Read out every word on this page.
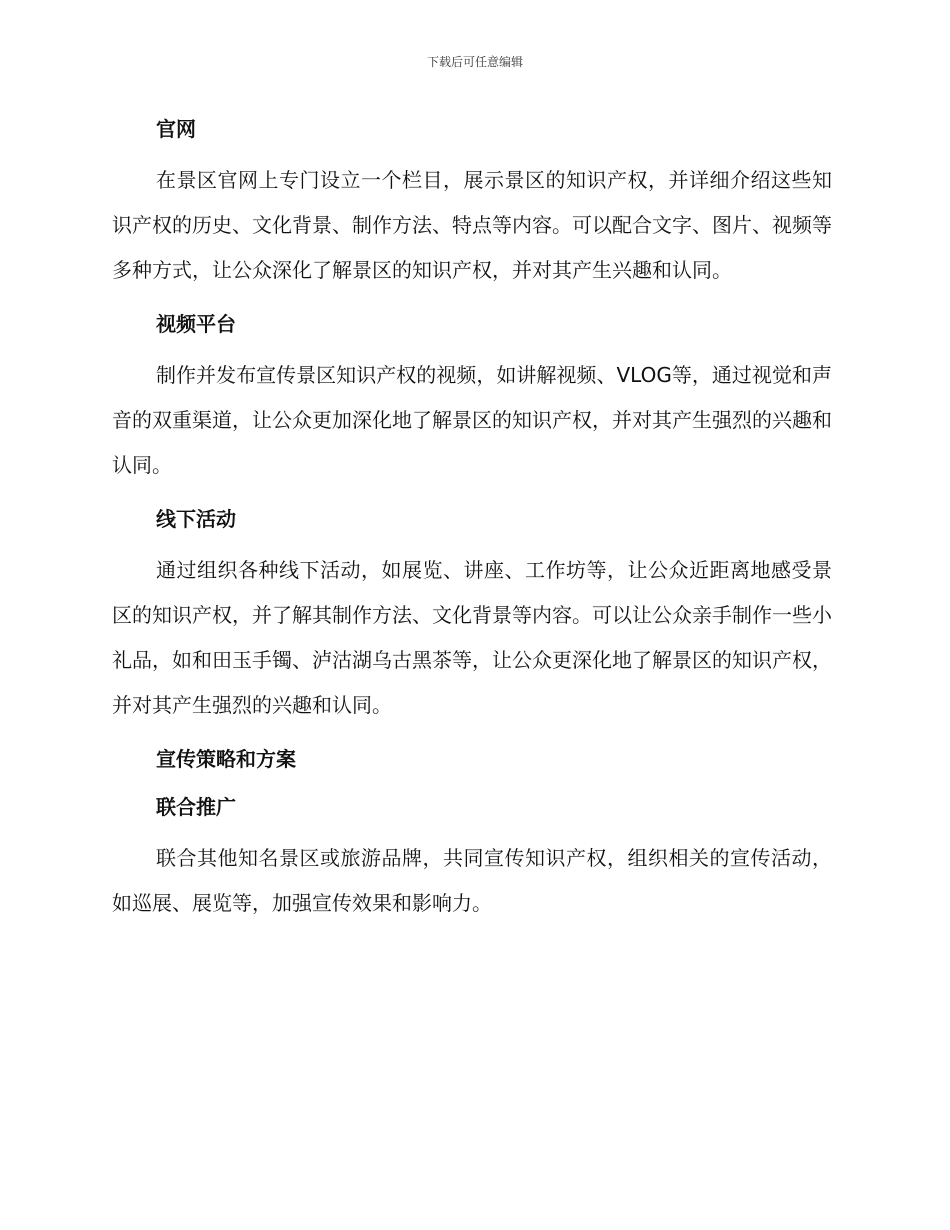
下载后可任意编辑
官网

在景区官网上专门设立一个栏目，展示景区的知识产权，并详细介绍这些知识产权的历史、文化背景、制作方法、特点等内容。可以配合文字、图片、视频等多种方式，让公众深化了解景区的知识产权，并对其产生兴趣和认同。

视频平台

制作并发布宣传景区知识产权的视频，如讲解视频、VLOG等，通过视觉和声音的双重渠道，让公众更加深化地了解景区的知识产权，并对其产生强烈的兴趣和认同。

线下活动

通过组织各种线下活动，如展览、讲座、工作坊等，让公众近距离地感受景区的知识产权，并了解其制作方法、文化背景等内容。可以让公众亲手制作一些小礼品，如和田玉手镯、泸沽湖乌古黑茶等，让公众更深化地了解景区的知识产权，并对其产生强烈的兴趣和认同。

宣传策略和方案
联合推广

联合其他知名景区或旅游品牌，共同宣传知识产权，组织相关的宣传活动，如巡展、展览等，加强宣传效果和影响力。
